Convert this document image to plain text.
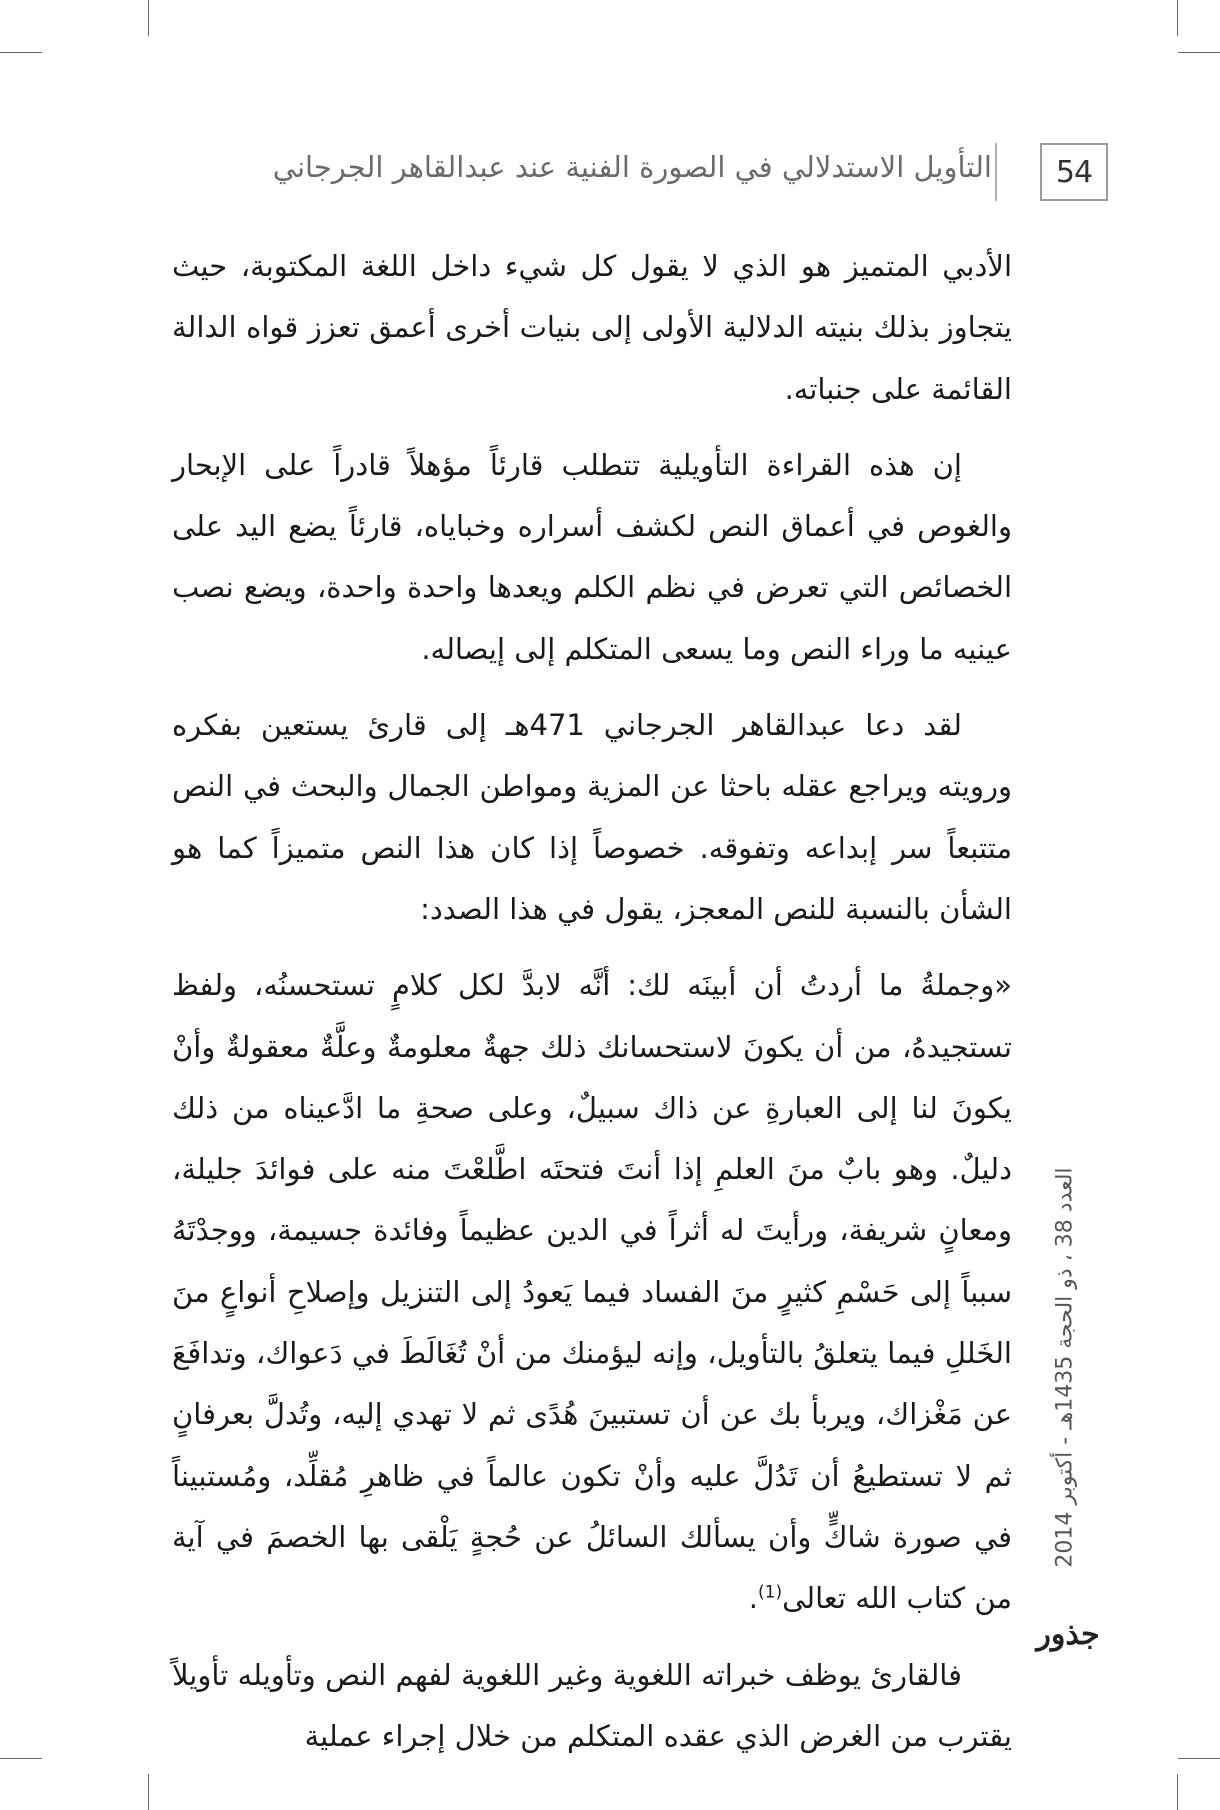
54
التأويل الاستدلالي في الصورة الفنية عند عبدالقاهر الجرجاني

الأدبي المتميز هو الذي لا يقول كل شيء داخل اللغة المكتوبة، حيث يتجاوز بذلك بنيته الدلالية الأولى إلى بنيات أخرى أعمق تعزز قواه الدالة القائمة على جنباته.

إن هذه القراءة التأويلية تتطلب قارئاً مؤهلاً قادراً على الإبحار والغوص في أعماق النص لكشف أسراره وخباياه، قارئاً يضع اليد على الخصائص التي تعرض في نظم الكلم ويعدها واحدة واحدة، ويضع نصب عينيه ما وراء النص وما يسعى المتكلم إلى إيصاله.

لقد دعا عبدالقاهر الجرجاني 471هـ إلى قارئ يستعين بفكره ورويته ويراجع عقله باحثا عن المزية ومواطن الجمال والبحث في النص متتبعاً سر إبداعه وتفوقه. خصوصاً إذا كان هذا النص متميزاً كما هو الشأن بالنسبة للنص المعجز، يقول في هذا الصدد:

«وجملةُ ما أردتُ أن أبينَه لك: أنَّه لابدَّ لكل كلامٍ تستحسنُه، ولفظ تستجيدهُ، من أن يكونَ لاستحسانك ذلك جهةٌ معلومةٌ وعلَّةٌ معقولةٌ وأنْ يكونَ لنا إلى العبارةِ عن ذاك سبيلٌ، وعلى صحةِ ما ادَّعيناه من ذلك دليلٌ. وهو بابٌ منَ العلمِ إذا أنتَ فتحتَه اطَّلعْتَ منه على فوائدَ جليلة، ومعانٍ شريفة، ورأيتَ له أثراً في الدين عظيماً وفائدة جسيمة، ووجدْتَهُ سبباً إلى حَسْمِ كثيرٍ منَ الفساد فيما يَعودُ إلى التنزيل وإصلاحِ أنواعٍ منَ الخَللِ فيما يتعلقُ بالتأويل، وإنه ليؤمنك من أنْ تُغَالَطَ في دَعواك، وتدافَعَ عن مَغْزاك، ويربأ بك عن أن تستبينَ هُدًى ثم لا تهدي إليه، وتُدلَّ بعرفانٍ ثم لا تستطيعُ أن تَدُلَّ عليه وأنْ تكون عالماً في ظاهرِ مُقلِّد، ومُستبيناً في صورة شاكٍّ وأن يسألك السائلُ عن حُجةٍ يَلْقى بها الخصمَ في آية من كتاب الله تعالى$^{(1)}$.

فالقارئ يوظف خبراته اللغوية وغير اللغوية لفهم النص وتأويله تأويلاً يقترب من الغرض الذي عقده المتكلم من خلال إجراء عملية

العدد 38 ، ذو الحجة 1435هـ - أكتوبر 2014
جذور
